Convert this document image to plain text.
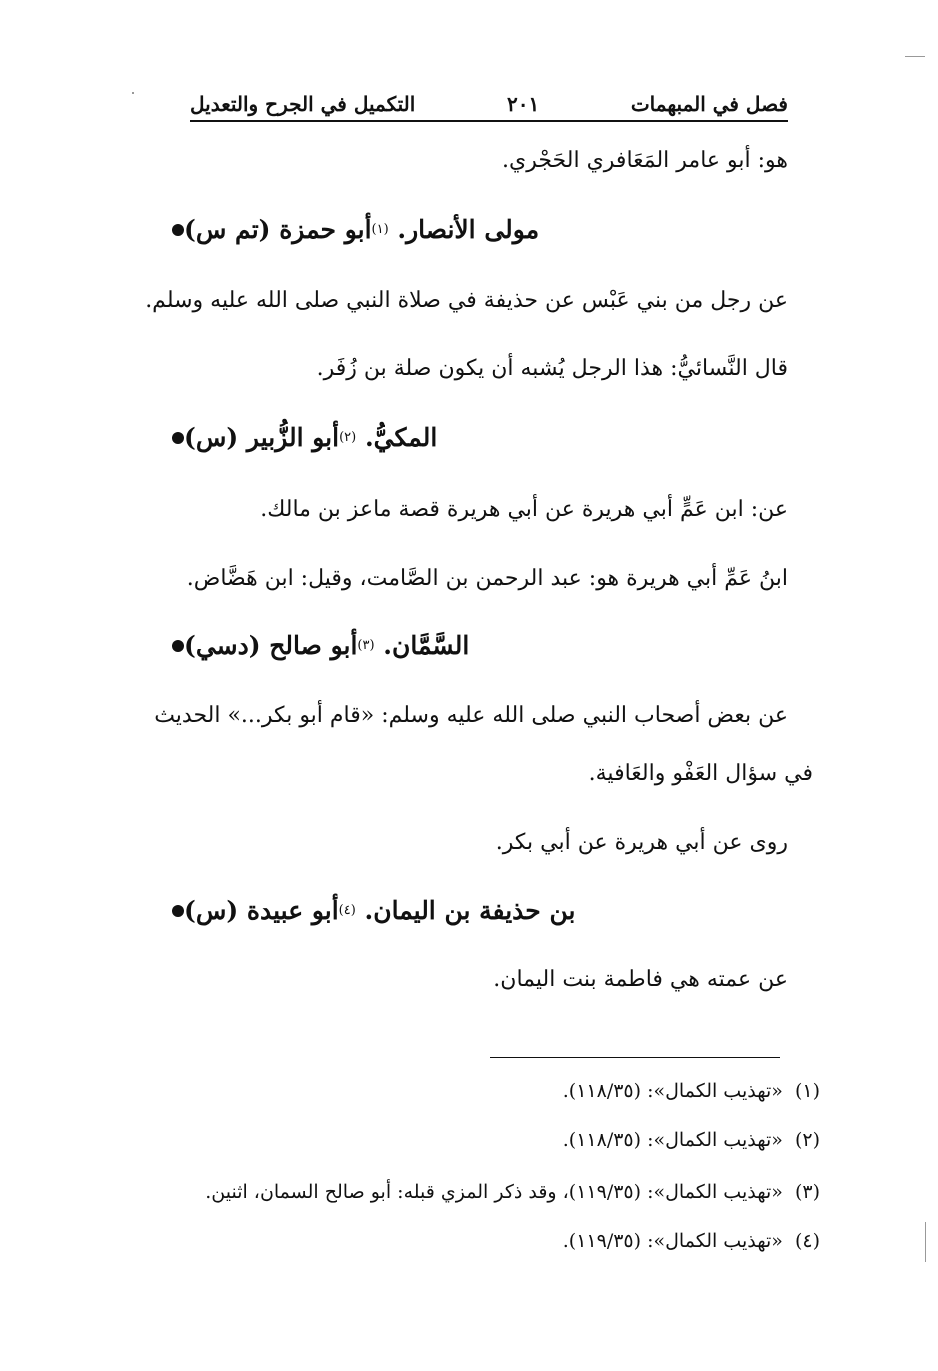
التكميل في الجرح والتعديل	٢٠١	فصل في المبهمات
هو: أبو عامر المَعَافري الحَجْري.
(تم س)
أبو حمزة (١)
مولى الأنصار.
عن رجل من بني عَبْس عن حذيفة في صلاة النبي صلى الله عليه وسلم.
قال النَّسائيُّ: هذا الرجل يُشبه أن يكون صلة بن زُفَر.
(س)
أبو الزُّبير (٢)
المكيُّ.
عن: ابن عَمٍّ أبي هريرة عن أبي هريرة قصة ماعز بن مالك.
ابنُ عَمِّ أبي هريرة هو: عبد الرحمن بن الصَّامت، وقيل: ابن هَضَّاض.
(دسي)
أبو صالح (٣)
السَّمَّان.
عن بعض أصحاب النبي صلى الله عليه وسلم: «قام أبو بكر...» الحديث
في سؤال العَفْو والعَافية.
روى عن أبي هريرة عن أبي بكر.
(س)
أبو عبيدة (٤)
بن حذيفة بن اليمان.
عن عمته هي فاطمة بنت اليمان.
(١) «تهذيب الكمال»: (١١٨/٣٥).
(٢) «تهذيب الكمال»: (١١٨/٣٥).
(٣) «تهذيب الكمال»: (١١٩/٣٥)، وقد ذكر المزي قبله: أبو صالح السمان، اثنين.
(٤) «تهذيب الكمال»: (١١٩/٣٥).
